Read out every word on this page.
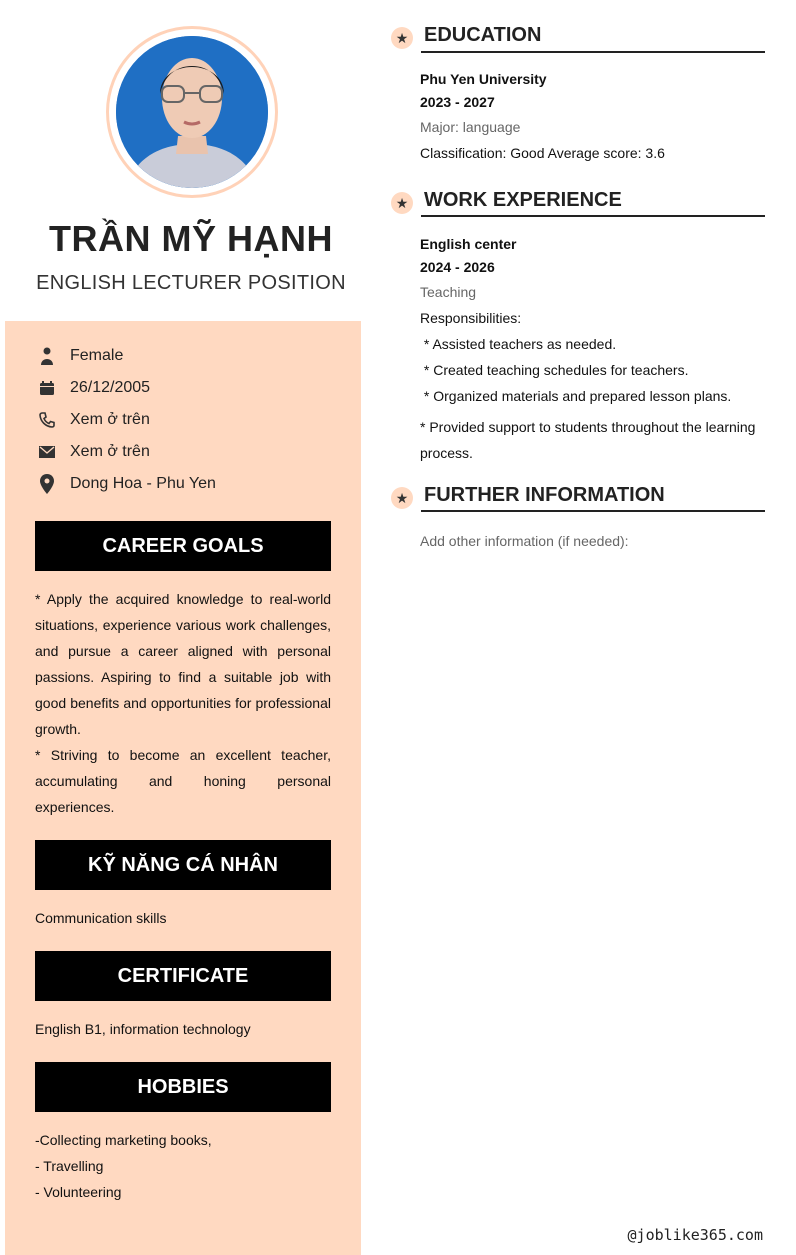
TRẦN MỸ HẠNH
ENGLISH LECTURER POSITION
Female
26/12/2005
Xem ở trên
Xem ở trên
Dong Hoa - Phu Yen
CAREER GOALS
* Apply the acquired knowledge to real-world situations, experience various work challenges, and pursue a career aligned with personal passions. Aspiring to find a suitable job with good benefits and opportunities for professional growth.
* Striving to become an excellent teacher, accumulating and honing personal experiences.
KỸ NĂNG CÁ NHÂN
Communication skills
CERTIFICATE
English B1, information technology
HOBBIES
-Collecting marketing books,
- Travelling
- Volunteering
★ EDUCATION
Phu Yen University
2023 - 2027
Major: language
Classification: Good Average score: 3.6
★ WORK EXPERIENCE
English center
2024 - 2026
Teaching
Responsibilities:
* Assisted teachers as needed.
* Created teaching schedules for teachers.
* Organized materials and prepared lesson plans.
* Provided support to students throughout the learning process.
★ FURTHER INFORMATION
Add other information (if needed):
@joblike365.com
